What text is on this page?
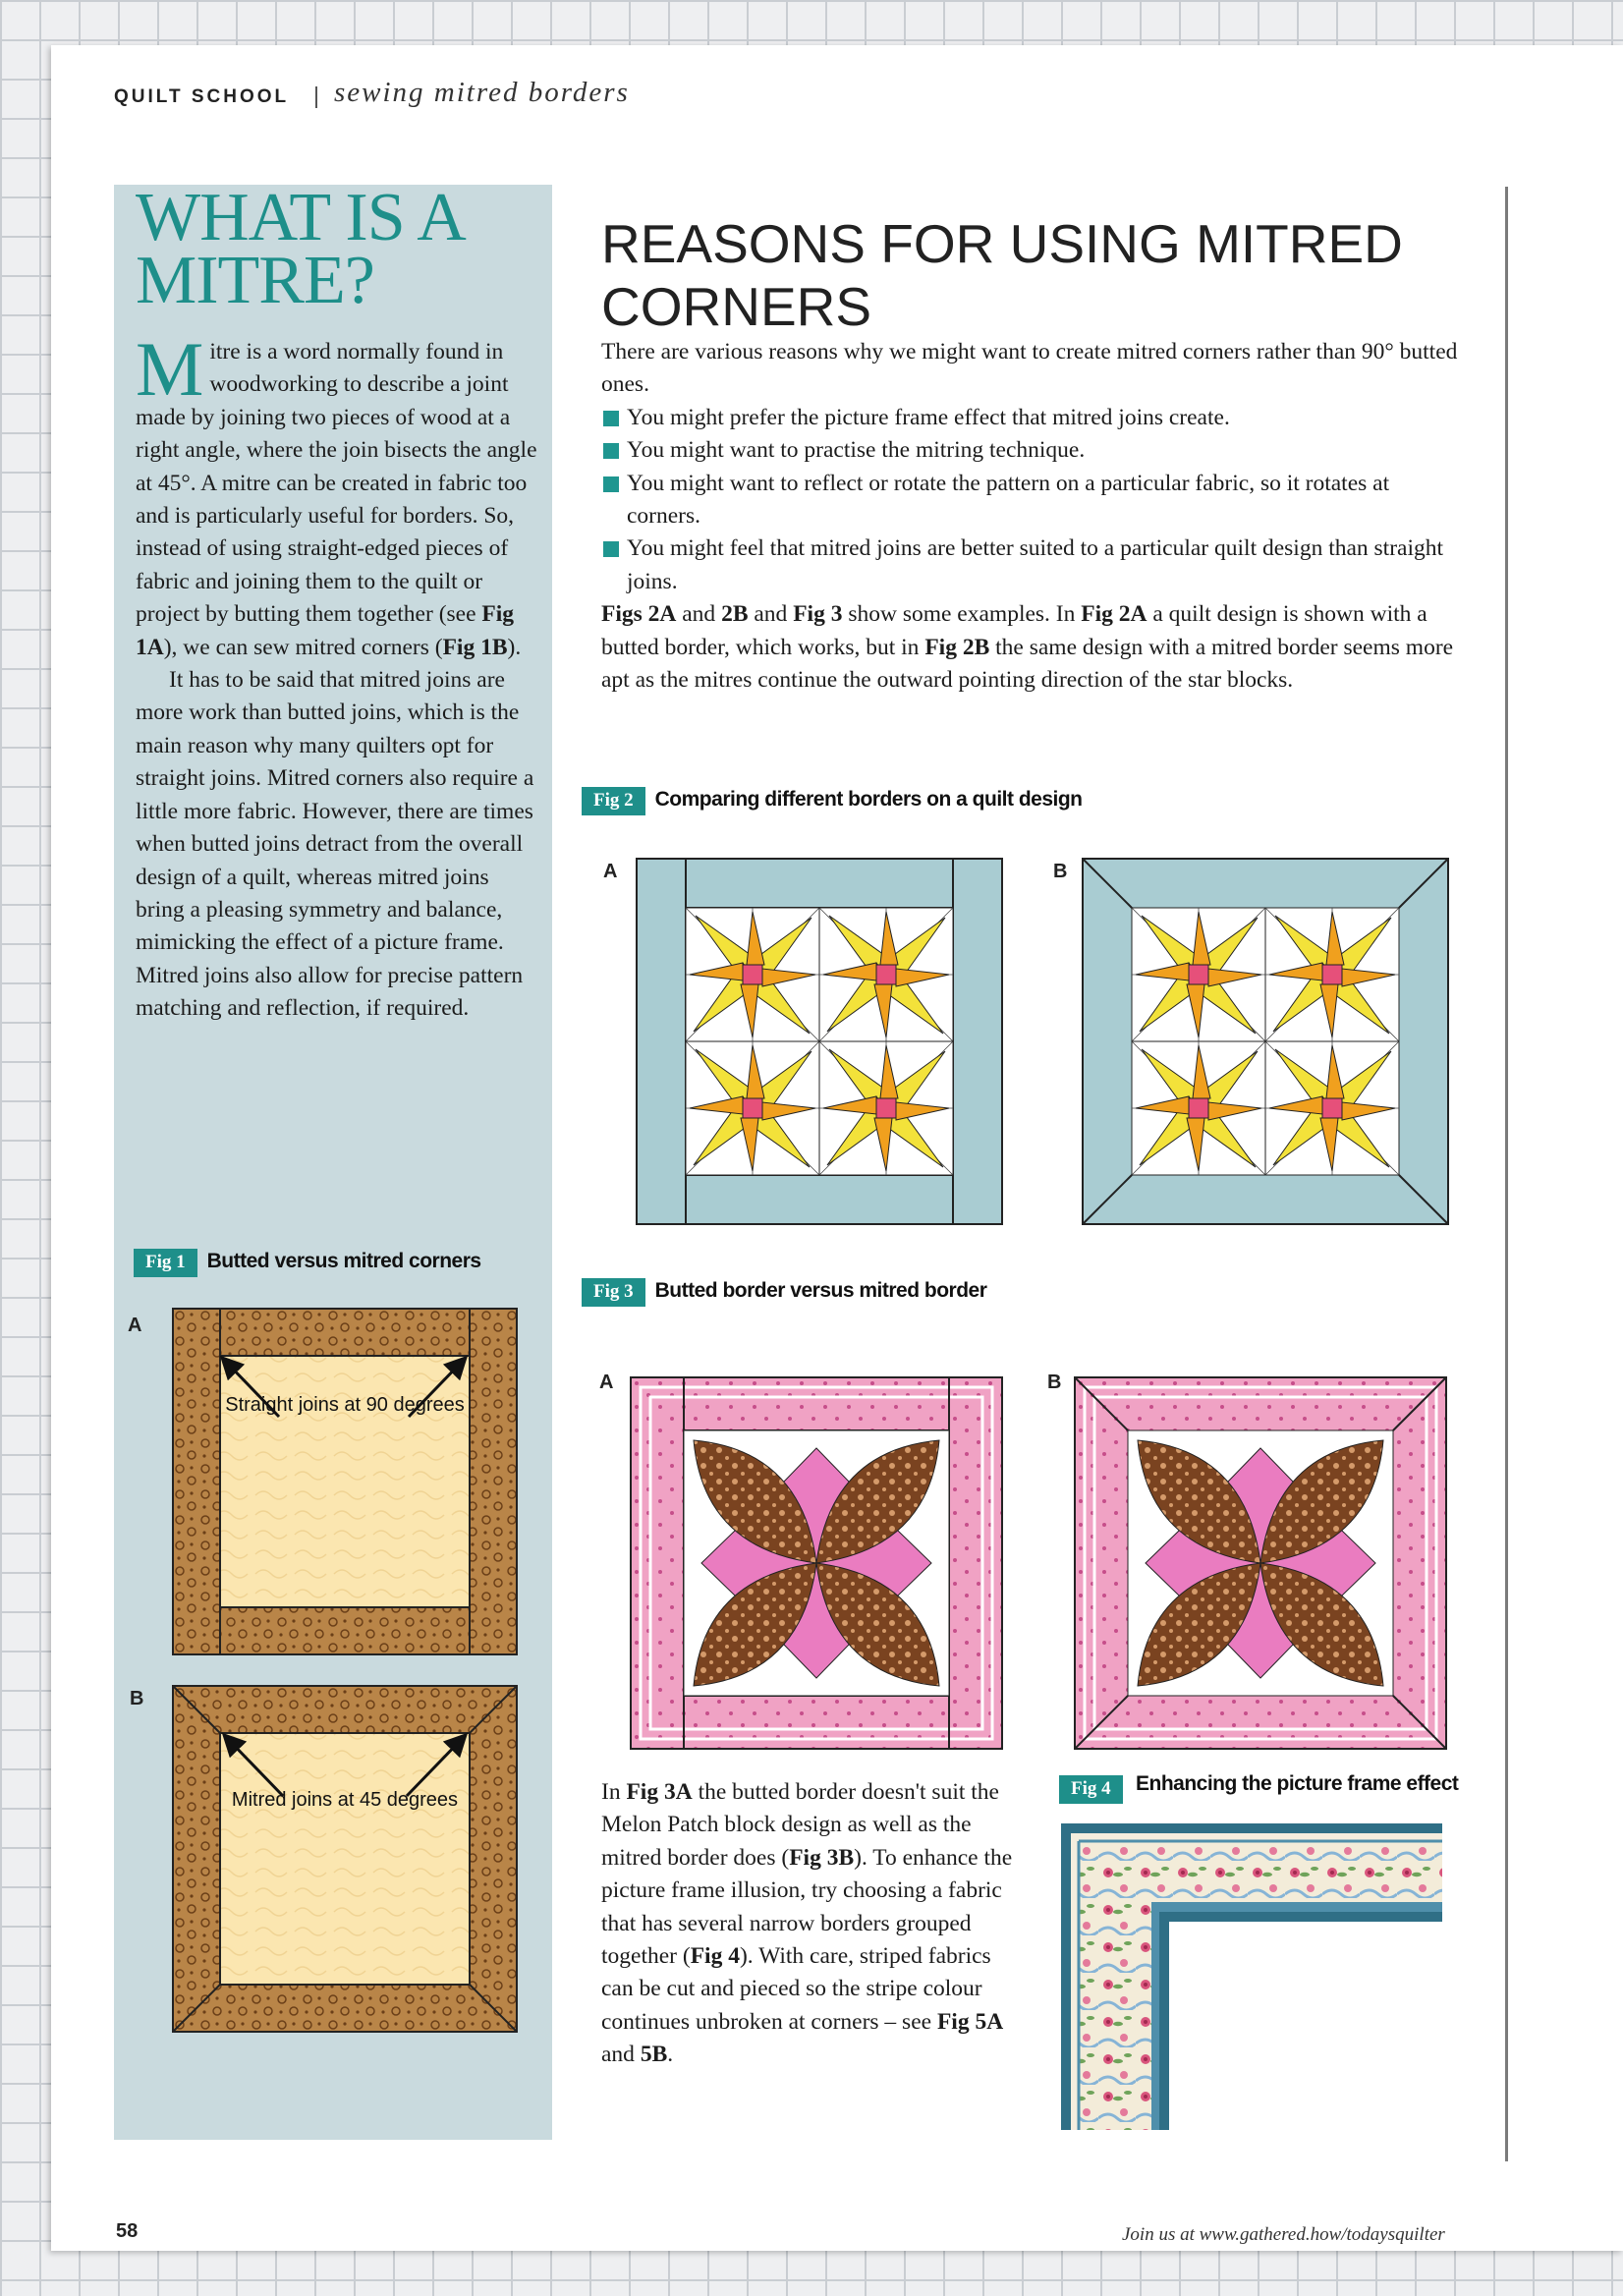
QUILT SCHOOL sewing mitred borders
WHAT IS A MITRE?

Mitre is a word normally found in woodworking to describe a joint made by joining two pieces of wood at a right angle, where the join bisects the angle at 45°. A mitre can be created in fabric too and is particularly useful for borders. So, instead of using straight-edged pieces of fabric and joining them to the quilt or project by butting them together (see Fig 1A), we can sew mitred corners (Fig 1B).

It has to be said that mitred joins are more work than butted joins, which is the main reason why many quilters opt for straight joins. Mitred corners also require a little more fabric. However, there are times when butted joins detract from the overall design of a quilt, whereas mitred joins bring a pleasing symmetry and balance, mimicking the effect of a picture frame. Mitred joins also allow for precise pattern matching and reflection, if required.

Fig 1 Butted versus mitred corners
A
B
Straight joins at 90 degrees
Mitred joins at 45 degrees
REASONS FOR USING MITRED CORNERS

There are various reasons why we might want to create mitred corners rather than 90° butted ones.

You might prefer the picture frame effect that mitred joins create.
You might want to practise the mitring technique.
You might want to reflect or rotate the pattern on a particular fabric, so it rotates at corners.
You might feel that mitred joins are better suited to a particular quilt design than straight joins.

Figs 2A and 2B and Fig 3 show some examples. In Fig 2A a quilt design is shown with a butted border, which works, but in Fig 2B the same design with a mitred border seems more apt as the mitres continue the outward pointing direction of the star blocks.

Fig 2 Comparing different borders on a quilt design
A	B
Fig 3 Butted border versus mitred border
A	B
In Fig 3A the butted border doesn't suit the Melon Patch block design as well as the mitred border does (Fig 3B). To enhance the picture frame illusion, try choosing a fabric that has several narrow borders grouped together (Fig 4). With care, striped fabrics can be cut and pieced so the stripe colour continues unbroken at corners – see Fig 5A and 5B.
Fig 4	Enhancing the picture frame effect
58	Join us at www.gathered.how/todaysquilter
